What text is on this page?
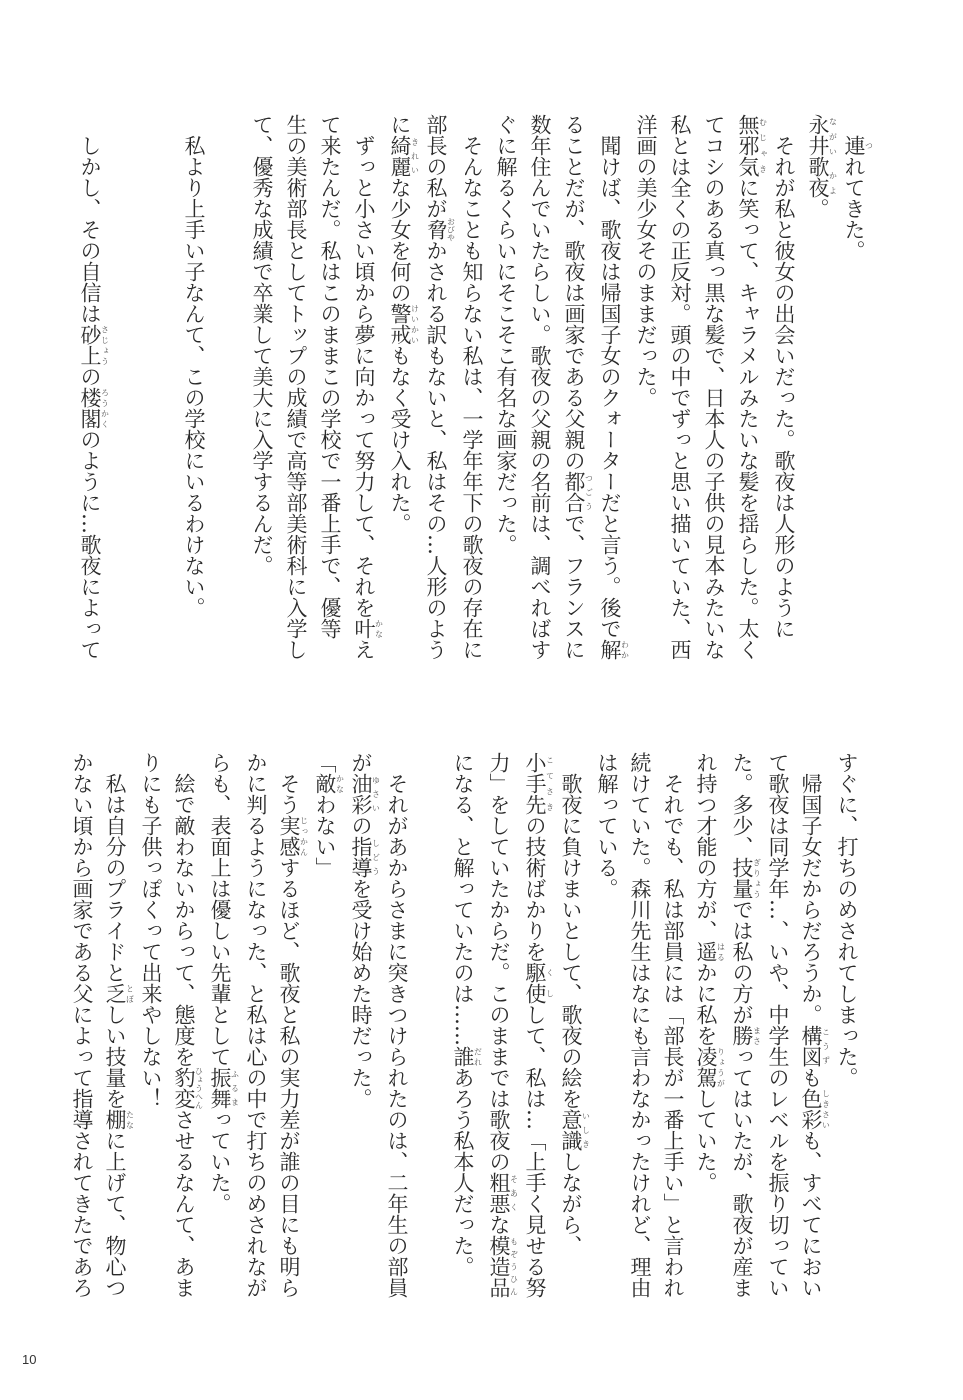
　連つれてきた。
永井歌夜ながい かよ。
　それが私と彼女の出会いだった。歌夜は人形のように
無邪気むじゃきに笑って、キャラメルみたいな髪を揺らした。太く
てコシのある真っ黒な髪で、日本人の子供の見本みたいな
私とは全くの正反対。頭の中でずっと思い描いていた、西
洋画の美少女そのままだった。
　聞けば、歌夜は帰国子女のクォーターだと言う。後で解わか
ることだが、歌夜は画家である父親の都合つごうで、フランスに
数年住んでいたらしい。歌夜の父親の名前は、調べればす
ぐに解るくらいにそこそこ有名な画家だった。
　そんなことも知らない私は、一学年年下の歌夜の存在に
部長の私が脅おびやかされる訳もないと、私はその…人形のよう
に綺麗きれいな少女を何の警戒けいかいもなく受け入れた。
　ずっと小さい頃から夢に向かって努力して、それを叶かなえ
て来たんだ。私はこのままこの学校で一番上手で、優等
生の美術部長としてトップの成績で高等部美術科に入学し
て、優秀な成績で卒業して美大に入学するんだ。

　私より上手い子なんて、この学校にいるわけない。

　しかし、その自信は砂上さじょうの楼閣ろうかくのように…歌夜によって
すぐに、打ちのめされてしまった。
　帰国子女だからだろうか。構図こうずも色彩しきさいも、すべてにおい
て歌夜は同学年…、いや、中学生のレベルを振り切ってい
た。多少、技量ぎりょうでは私の方が勝まさってはいたが、歌夜が産ま
れ持つ才能の方が、遥はるかに私を凌駕りょうがしていた。
　それでも、私は部員には「部長が一番上手い」と言われ
続けていた。森川先生はなにも言わなかったけれど、理由
は解っている。
　歌夜に負けまいとして、歌夜の絵を意識いしきしながら、
小手先こてさきの技術ばかりを駆使くしして、私は…「上手く見せる努
力」をしていたからだ。このままでは歌夜の粗悪そあくな模造品もぞうひん
になる、と解っていたのは……誰だれあろう私本人だった。

　それがあからさまに突きつけられたのは、二年生の部員
が油彩ゆさいの指導しどうを受け始めた時だった。
「敵かなわない」
　そう実感じっかんするほど、歌夜と私の実力差が誰の目にも明ら
かに判るようになった、と私は心の中で打ちのめされなが
らも、表面上は優しい先輩として振舞ふるまっていた。
　絵で敵わないからって、態度を豹変ひょうへんさせるなんて、あま
りにも子供っぽくって出来やしない！
　私は自分のプライドと乏とぼしい技量を棚たなに上げて、物心つ
かない頃から画家である父によって指導されてきたであろ
10
